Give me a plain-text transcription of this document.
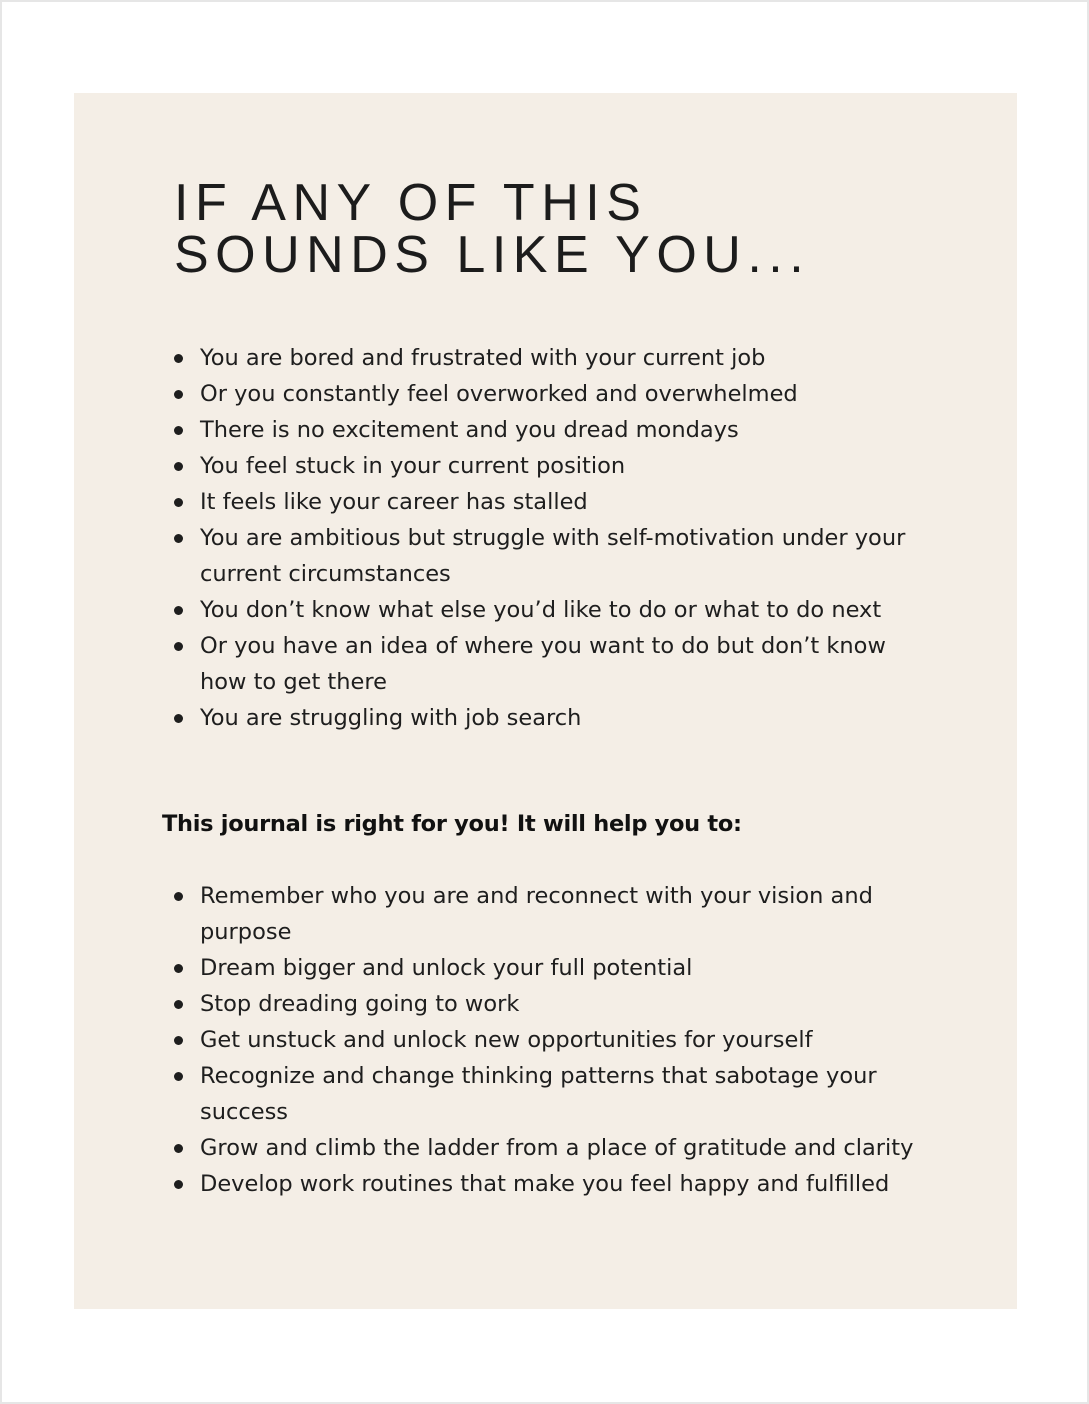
IF ANY OF THIS
SOUNDS LIKE YOU...
You are bored and frustrated with your current job
Or you constantly feel overworked and overwhelmed
There is no excitement and you dread mondays
You feel stuck in your current position
It feels like your career has stalled
You are ambitious but struggle with self-motivation under your current circumstances
You don’t know what else you’d like to do or what to do next
Or you have an idea of where you want to do but don’t know how to get there
You are struggling with job search

This journal is right for you! It will help you to:

Remember who you are and reconnect with your vision and purpose
Dream bigger and unlock your full potential
Stop dreading going to work
Get unstuck and unlock new opportunities for yourself
Recognize and change thinking patterns that sabotage your success
Grow and climb the ladder from a place of gratitude and clarity
Develop work routines that make you feel happy and fulfilled
